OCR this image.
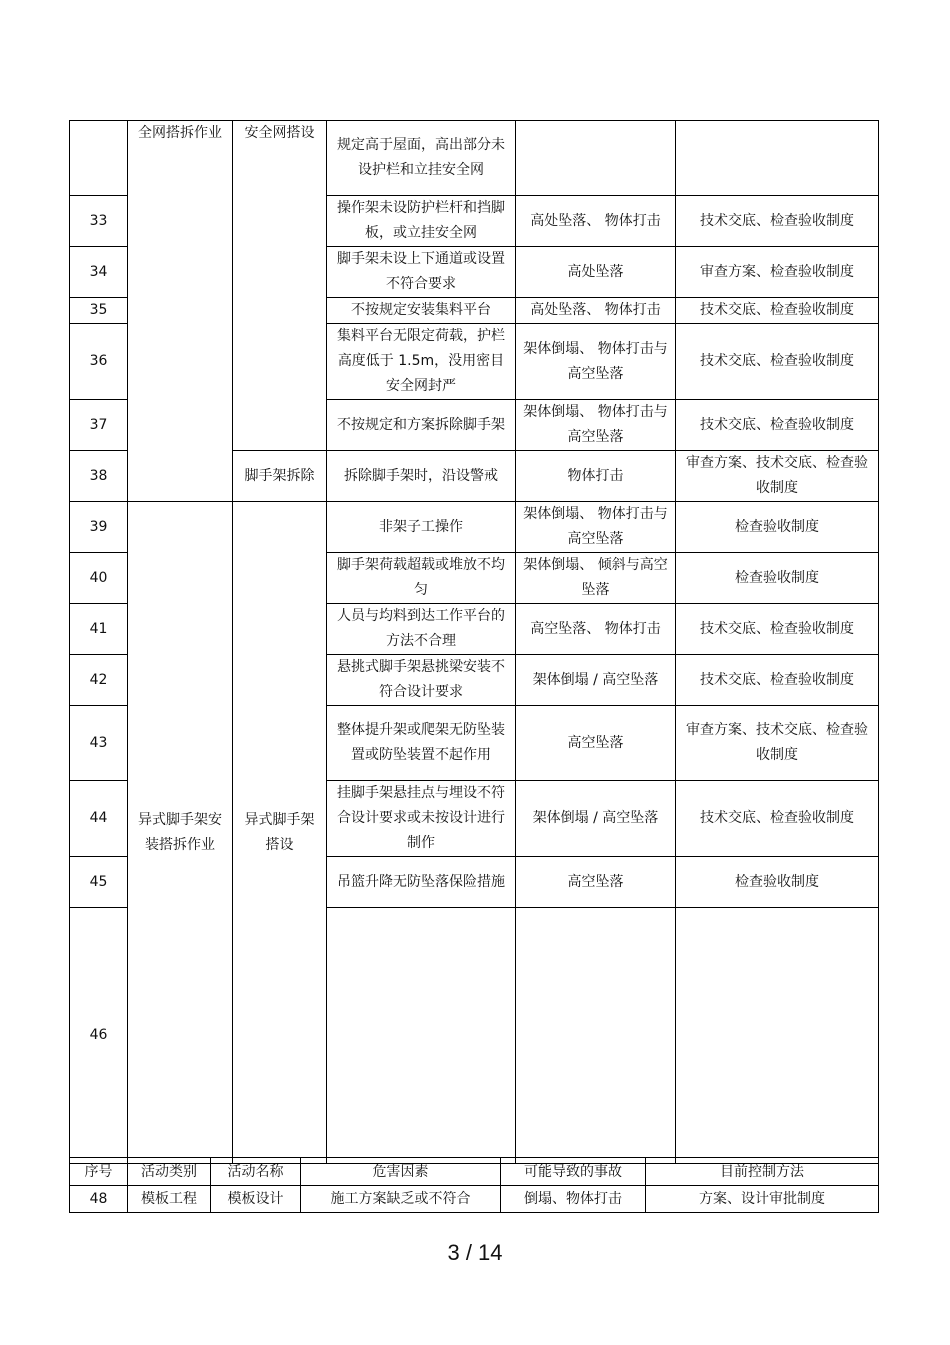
	全网搭拆作业	安全网搭设	规定高于屋面，高出部分未设护栏和立挂安全网		
33			操作架未设防护栏杆和挡脚板，或立挂安全网	高处坠落、 物体打击	技术交底、检查验收制度
34			脚手架未设上下通道或设置不符合要求	高处坠落	审查方案、检查验收制度
35			不按规定安装集料平台	高处坠落、 物体打击	技术交底、检查验收制度
36			集料平台无限定荷载，护栏高度低于 1.5m，没用密目安全网封严	架体倒塌、 物体打击与高空坠落	技术交底、检查验收制度
37			不按规定和方案拆除脚手架	架体倒塌、 物体打击与高空坠落	技术交底、检查验收制度
38		脚手架拆除	拆除脚手架时，沿设警戒	物体打击	审查方案、技术交底、检查验收制度
39	异式脚手架安装搭拆作业	异式脚手架搭设	非架子工操作	架体倒塌、 物体打击与高空坠落	检查验收制度
40			脚手架荷载超载或堆放不均匀	架体倒塌、 倾斜与高空坠落	检查验收制度
41			人员与均料到达工作平台的方法不合理	高空坠落、 物体打击	技术交底、检查验收制度
42			悬挑式脚手架悬挑梁安装不符合设计要求	架体倒塌 / 高空坠落	技术交底、检查验收制度
43			整体提升架或爬架无防坠装置或防坠装置不起作用	高空坠落	审查方案、技术交底、检查验收制度
44			挂脚手架悬挂点与埋设不符合设计要求或未按设计进行制作	架体倒塌 / 高空坠落	技术交底、检查验收制度
45			吊篮升降无防坠落保险措施	高空坠落	检查验收制度
46					
序号	活动类别	活动名称	危害因素	可能导致的事故	目前控制方法
48	模板工程	模板设计	施工方案缺乏或不符合	倒塌、物体打击	方案、设计审批制度
3 / 14
